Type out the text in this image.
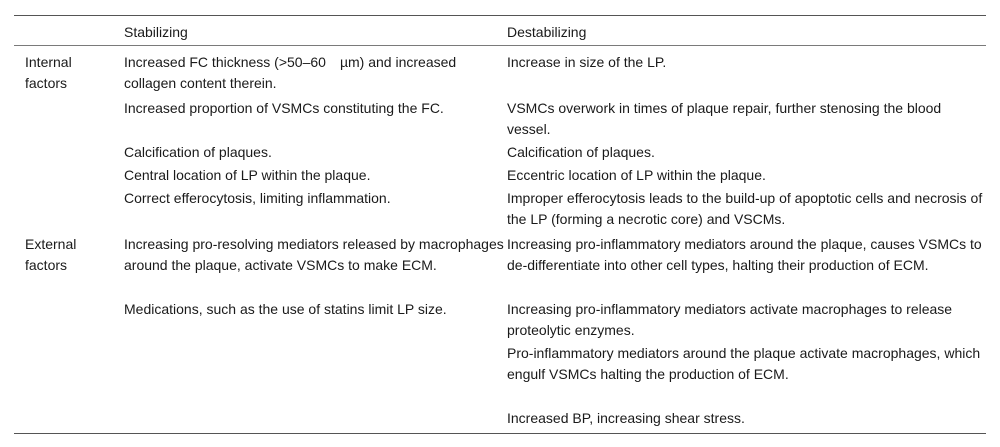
Stabilizing	Destabilizing
Internal factors
Increased FC thickness (>50–60 µm) and increased collagen content therein.
Increased proportion of VSMCs constituting the FC.
Calcification of plaques.
Central location of LP within the plaque.
Correct efferocytosis, limiting inflammation.
Increase in size of the LP.
VSMCs overwork in times of plaque repair, further stenosing the blood vessel.
Calcification of plaques.
Eccentric location of LP within the plaque.
Improper efferocytosis leads to the build-up of apoptotic cells and necrosis of the LP (forming a necrotic core) and VSCMs.
External factors
Increasing pro-resolving mediators released by macrophages around the plaque, activate VSMCs to make ECM.
Medications, such as the use of statins limit LP size.
Increasing pro-inflammatory mediators around the plaque, causes VSMCs to de-differentiate into other cell types, halting their production of ECM.
Increasing pro-inflammatory mediators activate macrophages to release proteolytic enzymes.
Pro-inflammatory mediators around the plaque activate macrophages, which engulf VSMCs halting the production of ECM.
Increased BP, increasing shear stress.
